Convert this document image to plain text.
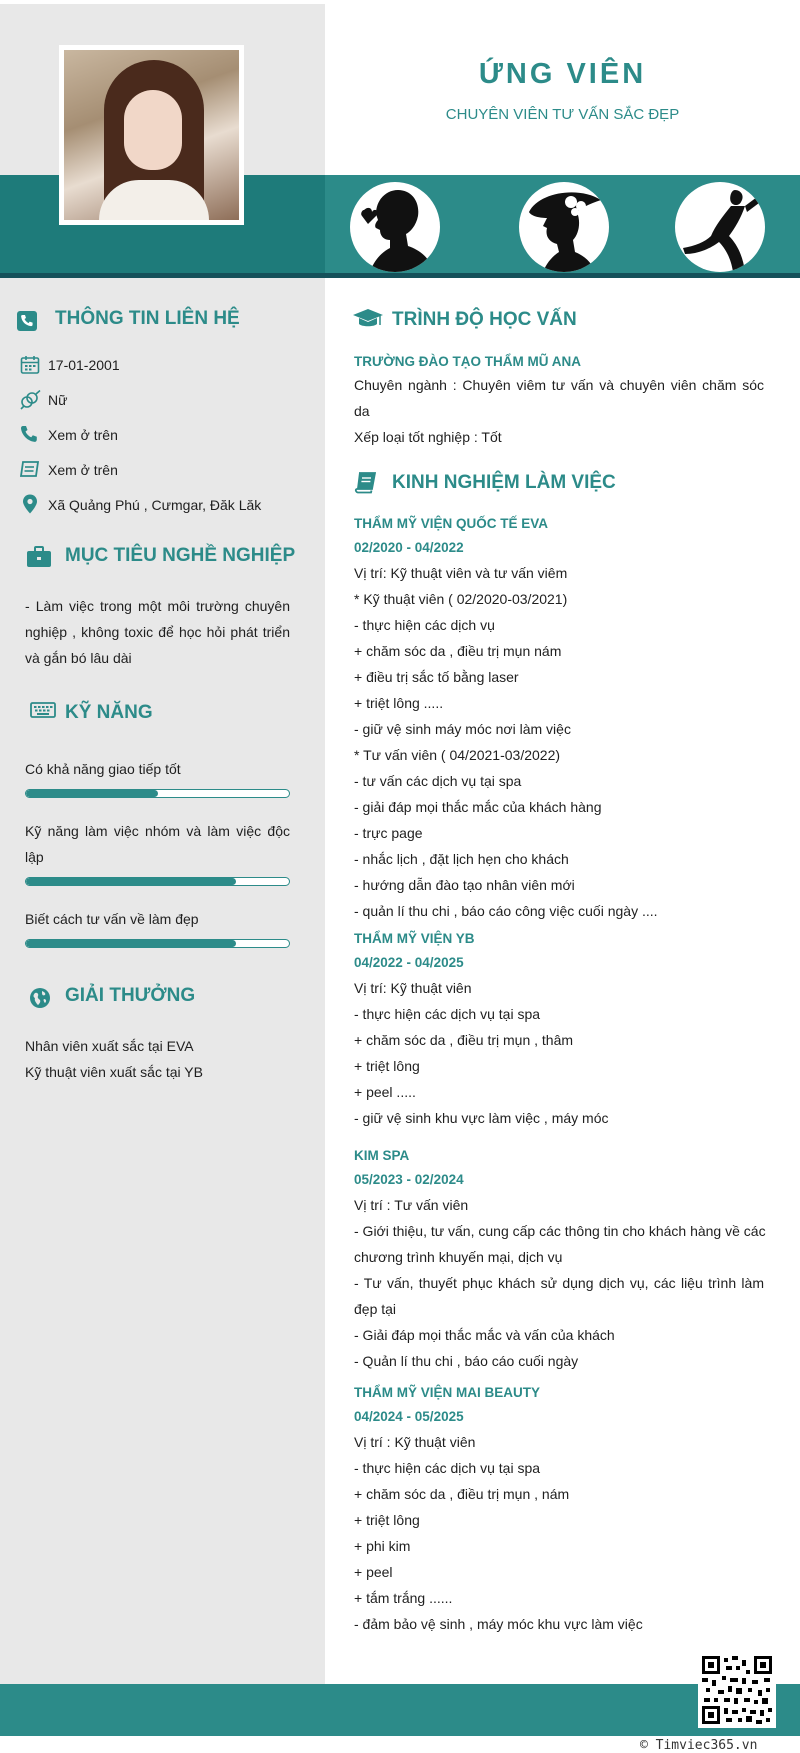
ỨNG VIÊN
CHUYÊN VIÊN TƯ VẤN SẮC ĐẸP
THÔNG TIN LIÊN HỆ
17-01-2001
Nữ
Xem ở trên
Xem ở trên
Xã Quảng Phú , Cưmgar, Đăk Lăk
MỤC TIÊU NGHỀ NGHIỆP
- Làm việc trong một môi trường chuyên
nghiệp , không toxic để học hỏi phát triển
và gắn bó lâu dài
KỸ NĂNG
Có khả năng giao tiếp tốt
Kỹ năng làm việc nhóm và làm việc độc
lập
Biết cách tư vấn về làm đẹp
GIẢI THƯỞNG
Nhân viên xuất sắc tại EVA
Kỹ thuật viên xuất sắc tại YB
TRÌNH ĐỘ HỌC VẤN
TRƯỜNG ĐÀO TẠO THẨM MŨ ANA
Chuyên ngành : Chuyên viêm tư vấn và chuyên viên chăm sóc
da
Xếp loại tốt nghiệp : Tốt
KINH NGHIỆM LÀM VIỆC
THẨM MỸ VIỆN QUỐC TẾ EVA
02/2020 - 04/2022
Vị trí: Kỹ thuật viên và tư vấn viêm
* Kỹ thuật viên ( 02/2020-03/2021)
- thực hiện các dịch vụ
+ chăm sóc da , điều trị mụn nám
+ điều trị sắc tố bằng laser
+ triệt lông .....
- giữ vệ sinh máy móc nơi làm việc
* Tư vấn viên ( 04/2021-03/2022)
- tư vấn các dịch vụ tại spa
- giải đáp mọi thắc mắc của khách hàng
- trực page
- nhắc lịch , đặt lịch hẹn cho khách
- hướng dẫn đào tạo nhân viên mới
- quản lí thu chi , báo cáo công việc cuối ngày ....
THẨM MỸ VIỆN YB
04/2022 - 04/2025
Vị trí: Kỹ thuật viên
- thực hiện các dịch vụ tại spa
+ chăm sóc da , điều trị mụn , thâm
+ triệt lông
+ peel .....
- giữ vệ sinh khu vực làm việc , máy móc
KIM SPA
05/2023 - 02/2024
Vị trí : Tư vấn viên
- Giới thiệu, tư vấn, cung cấp các thông tin cho khách hàng về các
chương trình khuyến mại, dịch vụ
- Tư vấn, thuyết phục khách sử dụng dịch vụ, các liệu trình làm
đẹp tại
- Giải đáp mọi thắc mắc và vấn của khách
- Quản lí thu chi , báo cáo cuối ngày
THẨM MỸ VIỆN MAI BEAUTY
04/2024 - 05/2025
Vị trí : Kỹ thuật viên
- thực hiện các dịch vụ tại spa
+ chăm sóc da , điều trị mụn , nám
+ triệt lông
+ phi kim
+ peel
+ tắm trắng ......
- đảm bảo vệ sinh , máy móc khu vực làm việc
© Timviec365.vn
